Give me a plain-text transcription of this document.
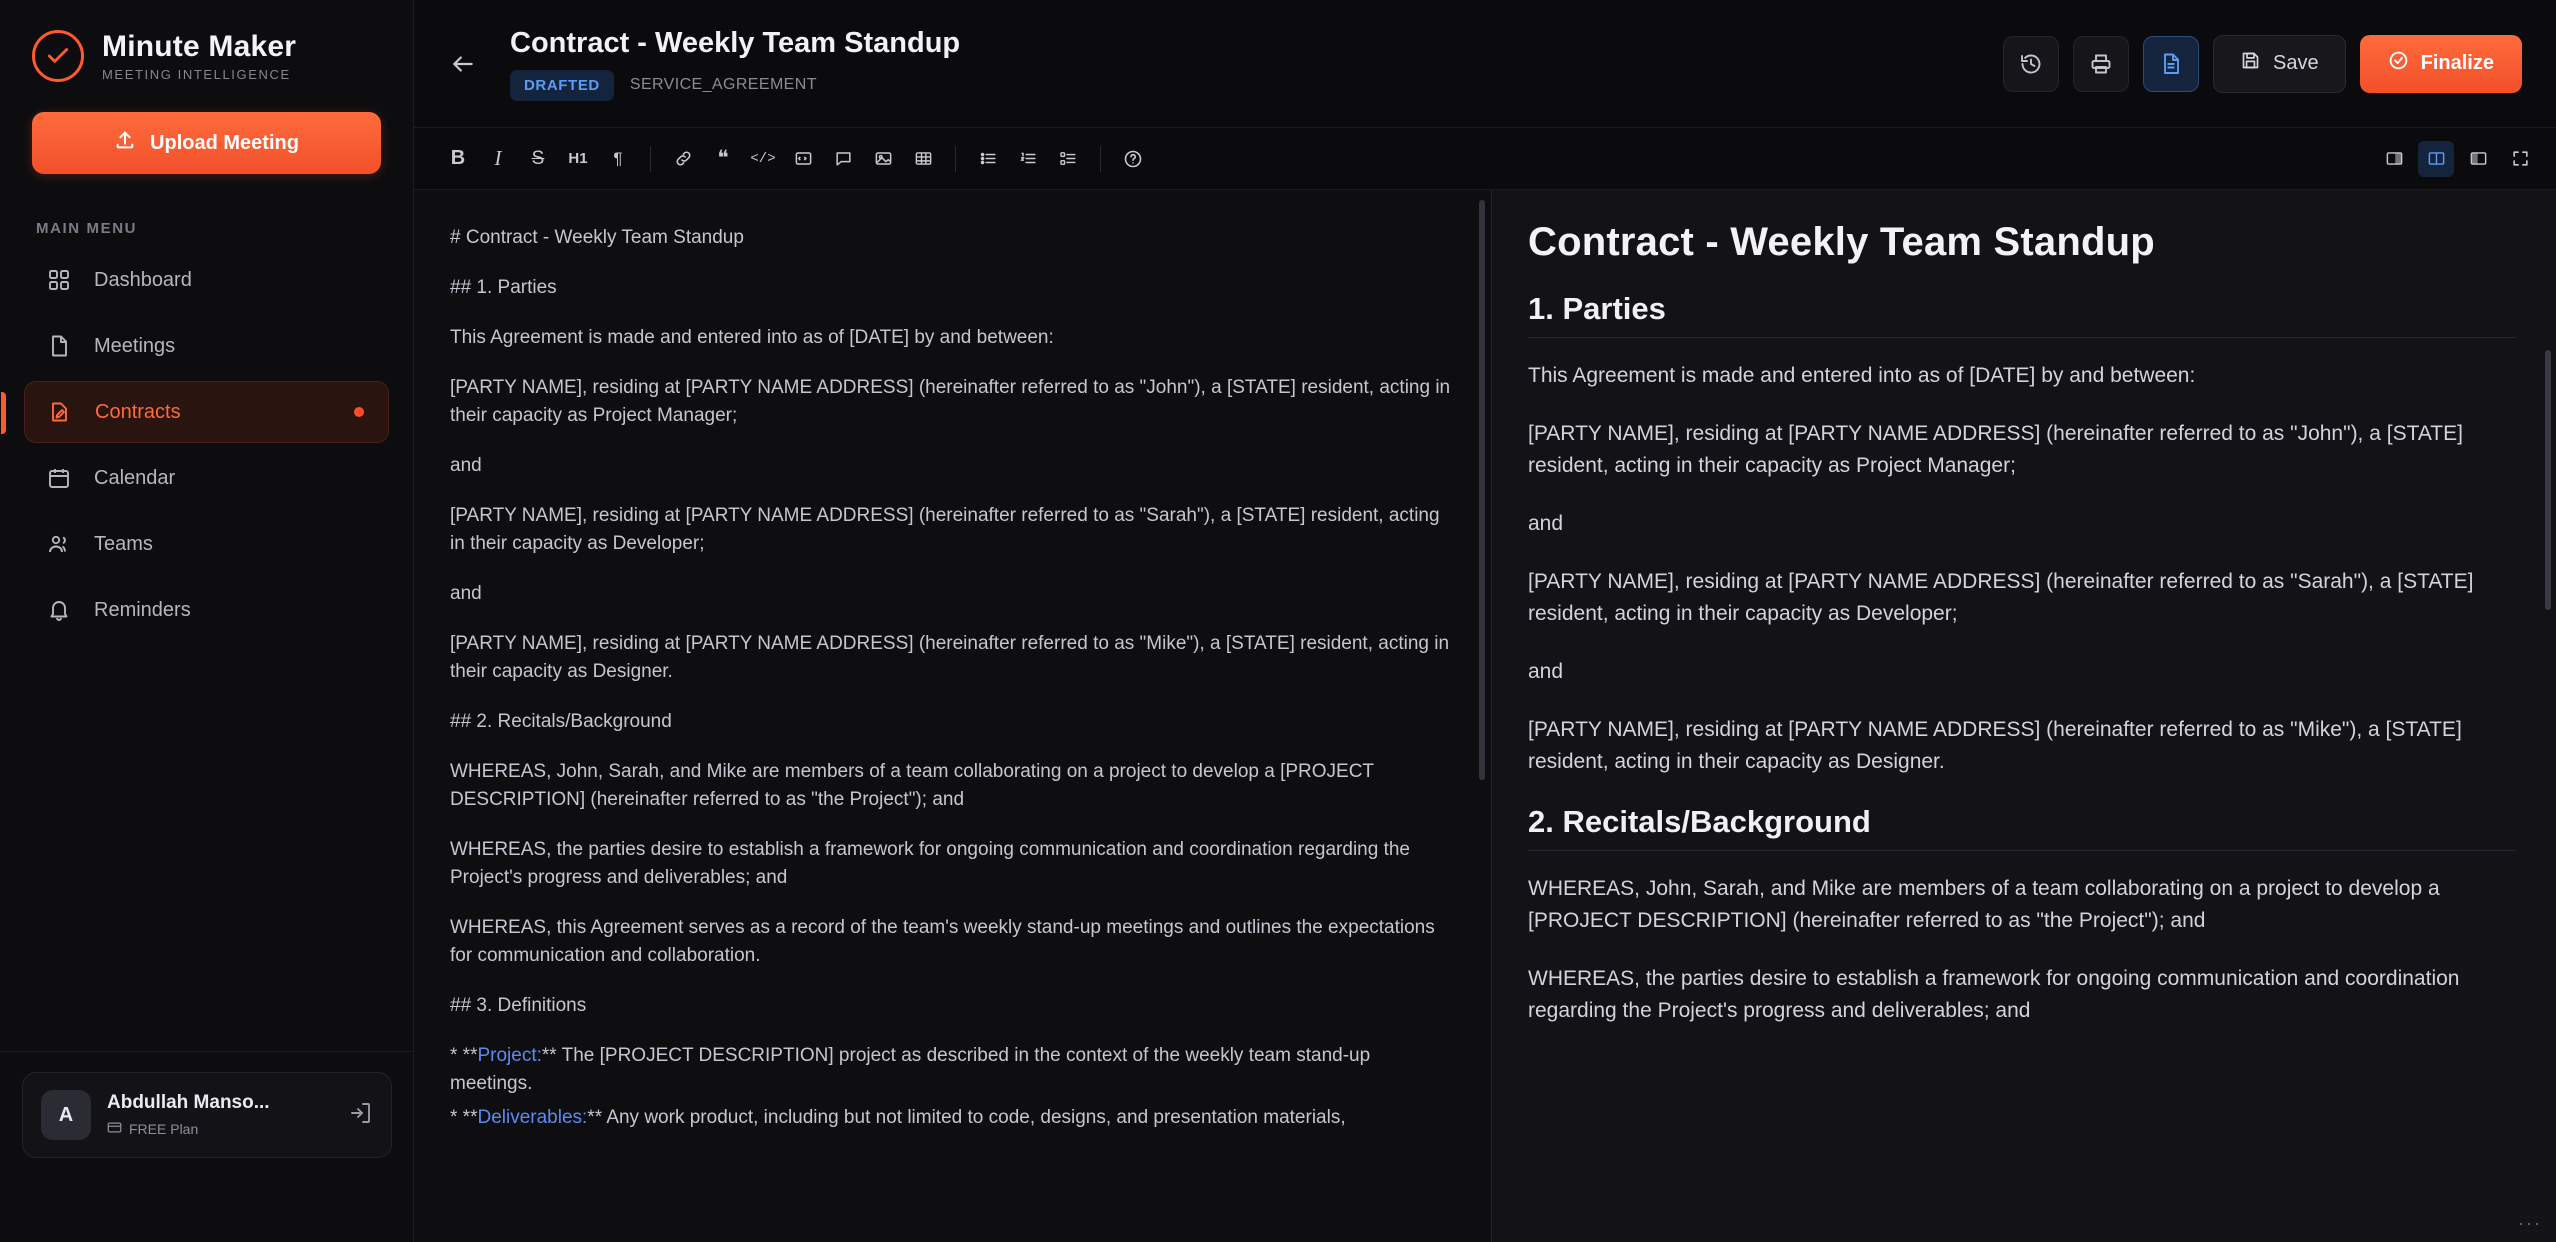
Minute Maker
MEETING INTELLIGENCE
Upload Meeting
MAIN MENU
Dashboard
Meetings
Contracts
Calendar
Teams
Reminders
A
Abdullah Manso...
FREE Plan
Contract - Weekly Team Standup
DRAFTED	SERVICE_AGREEMENT
Save	Finalize
B	I	S	H1	¶	❝	</>
# Contract - Weekly Team Standup
## 1. Parties
This Agreement is made and entered into as of [DATE] by and between:
[PARTY NAME], residing at [PARTY NAME ADDRESS] (hereinafter referred to as "John"), a [STATE] resident, acting in their capacity as Project Manager;
and
[PARTY NAME], residing at [PARTY NAME ADDRESS] (hereinafter referred to as "Sarah"), a [STATE] resident, acting in their capacity as Developer;
and
[PARTY NAME], residing at [PARTY NAME ADDRESS] (hereinafter referred to as "Mike"), a [STATE] resident, acting in their capacity as Designer.
## 2. Recitals/Background
WHEREAS, John, Sarah, and Mike are members of a team collaborating on a project to develop a [PROJECT DESCRIPTION] (hereinafter referred to as "the Project"); and
WHEREAS, the parties desire to establish a framework for ongoing communication and coordination regarding the Project's progress and deliverables; and
WHEREAS, this Agreement serves as a record of the team's weekly stand-up meetings and outlines the expectations for communication and collaboration.
## 3. Definitions
* **Project:** The [PROJECT DESCRIPTION] project as described in the context of the weekly team stand-up meetings.
* **Deliverables:** Any work product, including but not limited to code, designs, and presentation materials,
Contract - Weekly Team Standup
1. Parties
This Agreement is made and entered into as of [DATE] by and between:
[PARTY NAME], residing at [PARTY NAME ADDRESS] (hereinafter referred to as "John"), a [STATE] resident, acting in their capacity as Project Manager;
and
[PARTY NAME], residing at [PARTY NAME ADDRESS] (hereinafter referred to as "Sarah"), a [STATE] resident, acting in their capacity as Developer;
and
[PARTY NAME], residing at [PARTY NAME ADDRESS] (hereinafter referred to as "Mike"), a [STATE] resident, acting in their capacity as Designer.
2. Recitals/Background
WHEREAS, John, Sarah, and Mike are members of a team collaborating on a project to develop a [PROJECT DESCRIPTION] (hereinafter referred to as "the Project"); and
WHEREAS, the parties desire to establish a framework for ongoing communication and coordination regarding the Project's progress and deliverables; and
···
